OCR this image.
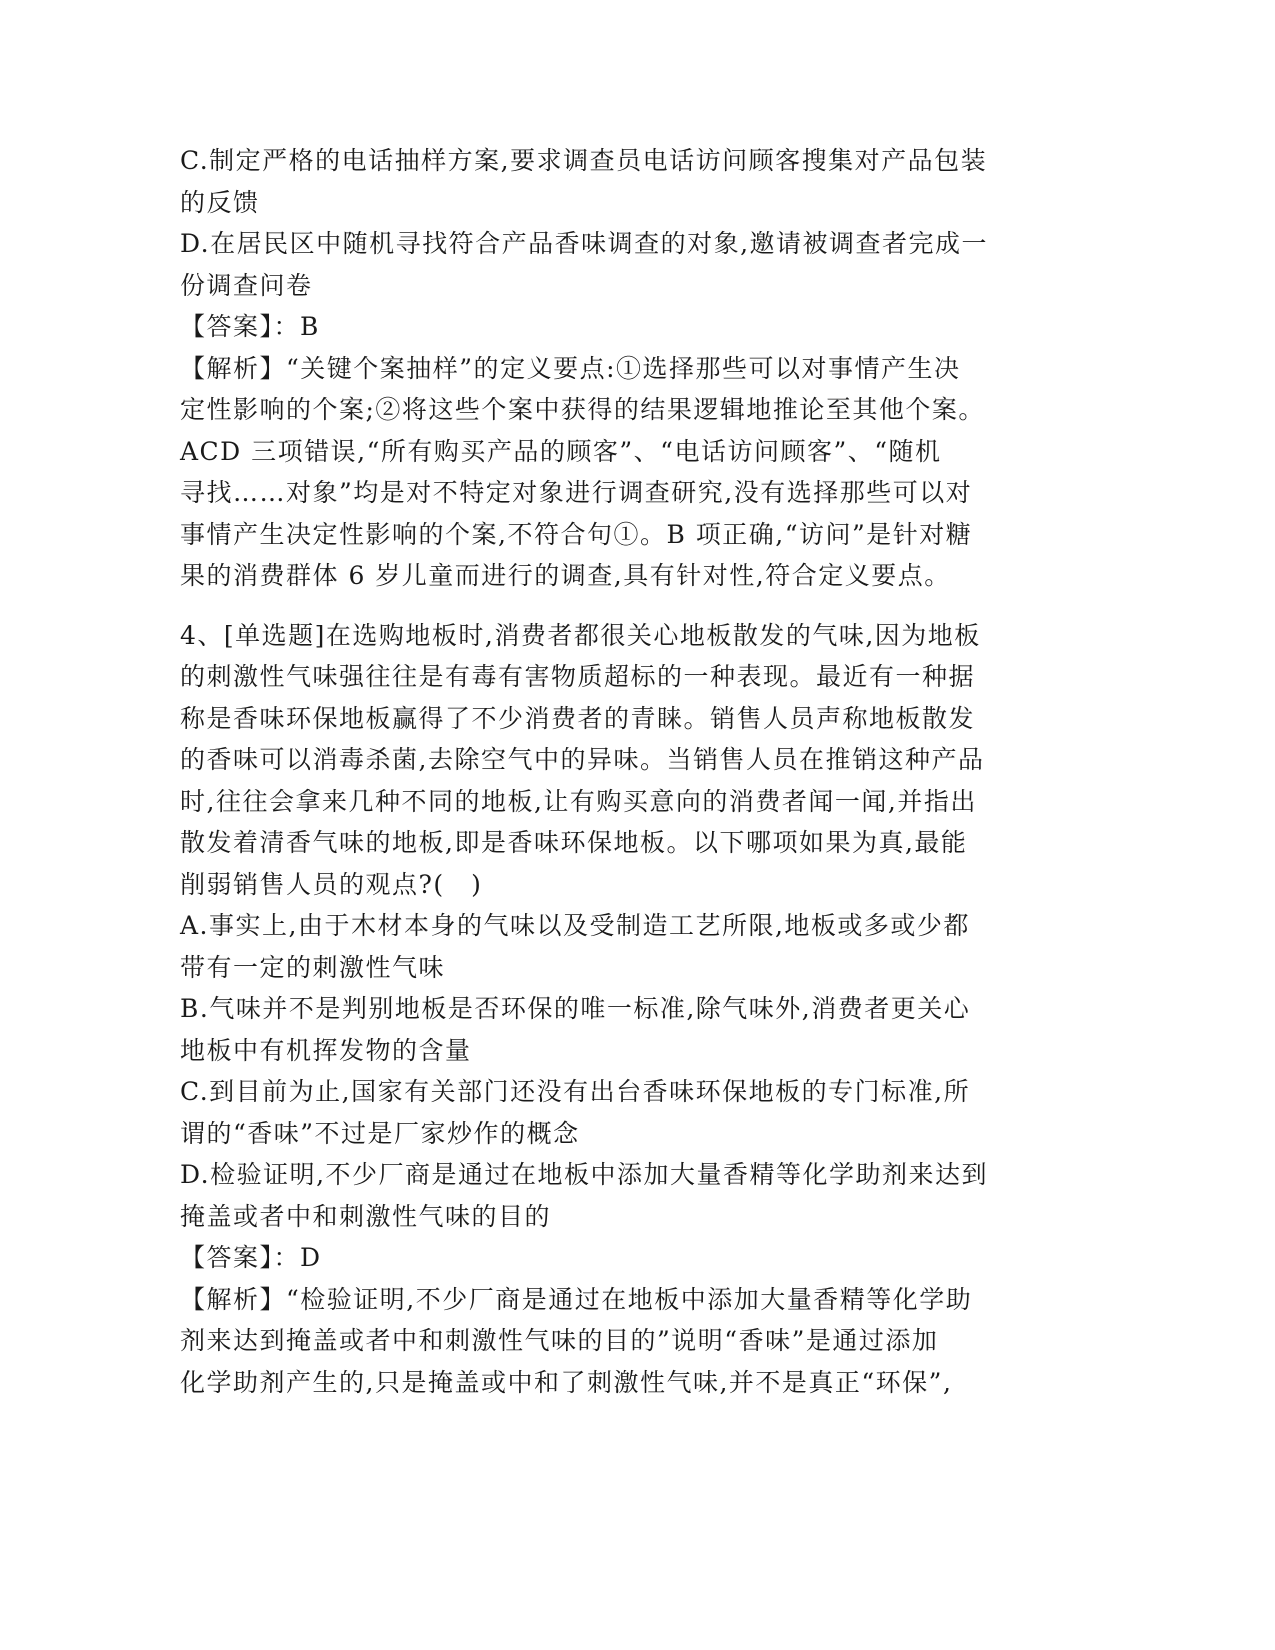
C.制定严格的电话抽样方案,要求调查员电话访问顾客搜集对产品包装
的反馈
D.在居民区中随机寻找符合产品香味调查的对象,邀请被调查者完成一
份调查问卷
【答案】：B
【解析】“关键个案抽样”的定义要点:①选择那些可以对事情产生决
定性影响的个案;②将这些个案中获得的结果逻辑地推论至其他个案。
ACD 三项错误,“所有购买产品的顾客”、“电话访问顾客”、“随机
寻找……对象”均是对不特定对象进行调查研究,没有选择那些可以对
事情产生决定性影响的个案,不符合句①。B 项正确,“访问”是针对糖
果的消费群体 6 岁儿童而进行的调查,具有针对性,符合定义要点。
4、[单选题]在选购地板时,消费者都很关心地板散发的气味,因为地板
的刺激性气味强往往是有毒有害物质超标的一种表现。最近有一种据
称是香味环保地板赢得了不少消费者的青睐。销售人员声称地板散发
的香味可以消毒杀菌,去除空气中的异味。当销售人员在推销这种产品
时,往往会拿来几种不同的地板,让有购买意向的消费者闻一闻,并指出
散发着清香气味的地板,即是香味环保地板。以下哪项如果为真,最能
削弱销售人员的观点?(　)
A.事实上,由于木材本身的气味以及受制造工艺所限,地板或多或少都
带有一定的刺激性气味
B.气味并不是判别地板是否环保的唯一标准,除气味外,消费者更关心
地板中有机挥发物的含量
C.到目前为止,国家有关部门还没有出台香味环保地板的专门标准,所
谓的“香味”不过是厂家炒作的概念
D.检验证明,不少厂商是通过在地板中添加大量香精等化学助剂来达到
掩盖或者中和刺激性气味的目的
【答案】：D
【解析】“检验证明,不少厂商是通过在地板中添加大量香精等化学助
剂来达到掩盖或者中和刺激性气味的目的”说明“香味”是通过添加
化学助剂产生的,只是掩盖或中和了刺激性气味,并不是真正“环保”,
